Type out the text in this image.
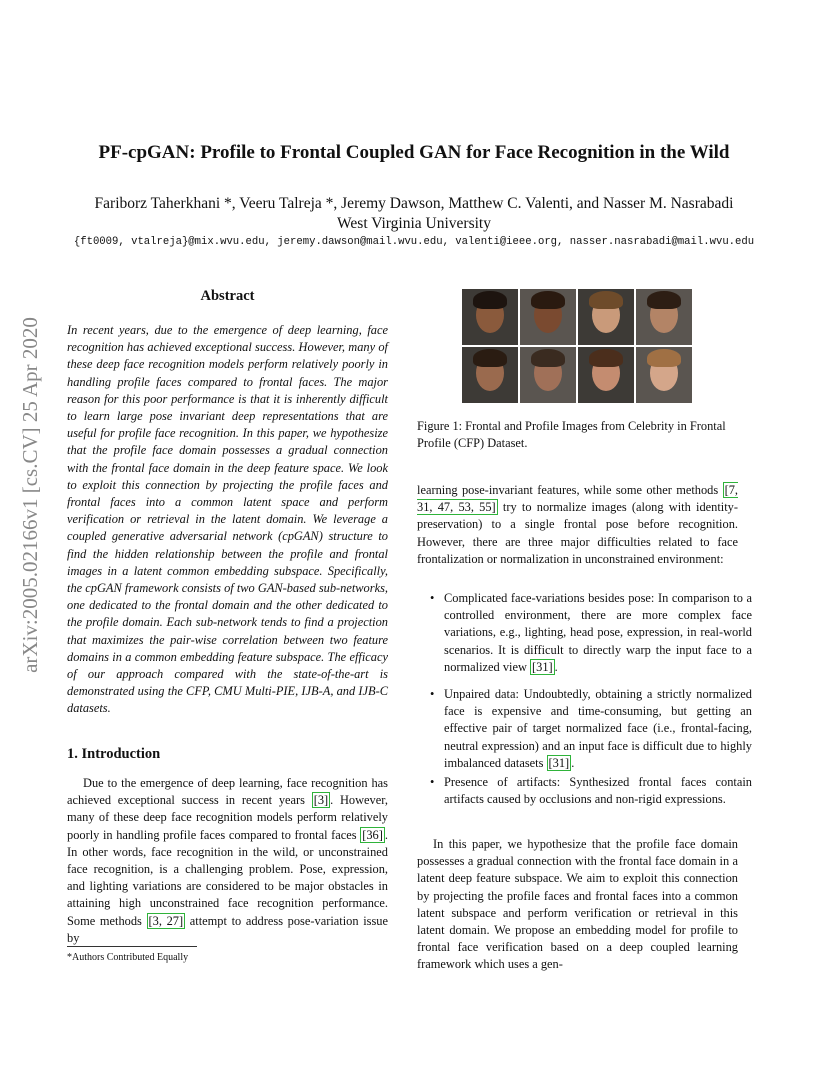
PF-cpGAN: Profile to Frontal Coupled GAN for Face Recognition in the Wild
Fariborz Taherkhani *, Veeru Talreja *, Jeremy Dawson, Matthew C. Valenti, and Nasser M. Nasrabadi
West Virginia University
{ft0009, vtalreja}@mix.wvu.edu, jeremy.dawson@mail.wvu.edu, valenti@ieee.org, nasser.nasrabadi@mail.wvu.edu
arXiv:2005.02166v1 [cs.CV] 25 Apr 2020
Abstract
In recent years, due to the emergence of deep learning, face recognition has achieved exceptional success. However, many of these deep face recognition models perform relatively poorly in handling profile faces compared to frontal faces. The major reason for this poor performance is that it is inherently difficult to learn large pose invariant deep representations that are useful for profile face recognition. In this paper, we hypothesize that the profile face domain possesses a gradual connection with the frontal face domain in the deep feature space. We look to exploit this connection by projecting the profile faces and frontal faces into a common latent space and perform verification or retrieval in the latent domain. We leverage a coupled generative adversarial network (cpGAN) structure to find the hidden relationship between the profile and frontal images in a latent common embedding subspace. Specifically, the cpGAN framework consists of two GAN-based sub-networks, one dedicated to the frontal domain and the other dedicated to the profile domain. Each sub-network tends to find a projection that maximizes the pair-wise correlation between two feature domains in a common embedding feature subspace. The efficacy of our approach compared with the state-of-the-art is demonstrated using the CFP, CMU Multi-PIE, IJB-A, and IJB-C datasets.
1. Introduction
Due to the emergence of deep learning, face recognition has achieved exceptional success in recent years [3] . However, many of these deep face recognition models perform relatively poorly in handling profile faces compared to frontal faces [36] . In other words, face recognition in the wild, or unconstrained face recognition, is a challenging problem. Pose, expression, and lighting variations are considered to be major obstacles in attaining high unconstrained face recognition performance. Some methods [3, 27] attempt to address pose-variation issue by
*Authors Contributed Equally
Figure 1: Frontal and Profile Images from Celebrity in Frontal Profile (CFP) Dataset.
learning pose-invariant features, while some other methods [7, 31, 47, 53, 55] try to normalize images (along with identity-preservation) to a single frontal pose before recognition. However, there are three major difficulties related to face frontalization or normalization in unconstrained environment:
• Complicated face-variations besides pose: In comparison to a controlled environment, there are more complex face variations, e.g., lighting, head pose, expression, in real-world scenarios. It is difficult to directly warp the input face to a normalized view [31] .
• Unpaired data: Undoubtedly, obtaining a strictly normalized face is expensive and time-consuming, but getting an effective pair of target normalized face (i.e., frontal-facing, neutral expression) and an input face is difficult due to highly imbalanced datasets [31] .
• Presence of artifacts: Synthesized frontal faces contain artifacts caused by occlusions and non-rigid expressions.
In this paper, we hypothesize that the profile face domain possesses a gradual connection with the frontal face domain in a latent deep feature subspace. We aim to exploit this connection by projecting the profile faces and frontal faces into a common latent subspace and perform verification or retrieval in this latent domain. We propose an embedding model for profile to frontal face verification based on a deep coupled learning framework which uses a gen-
